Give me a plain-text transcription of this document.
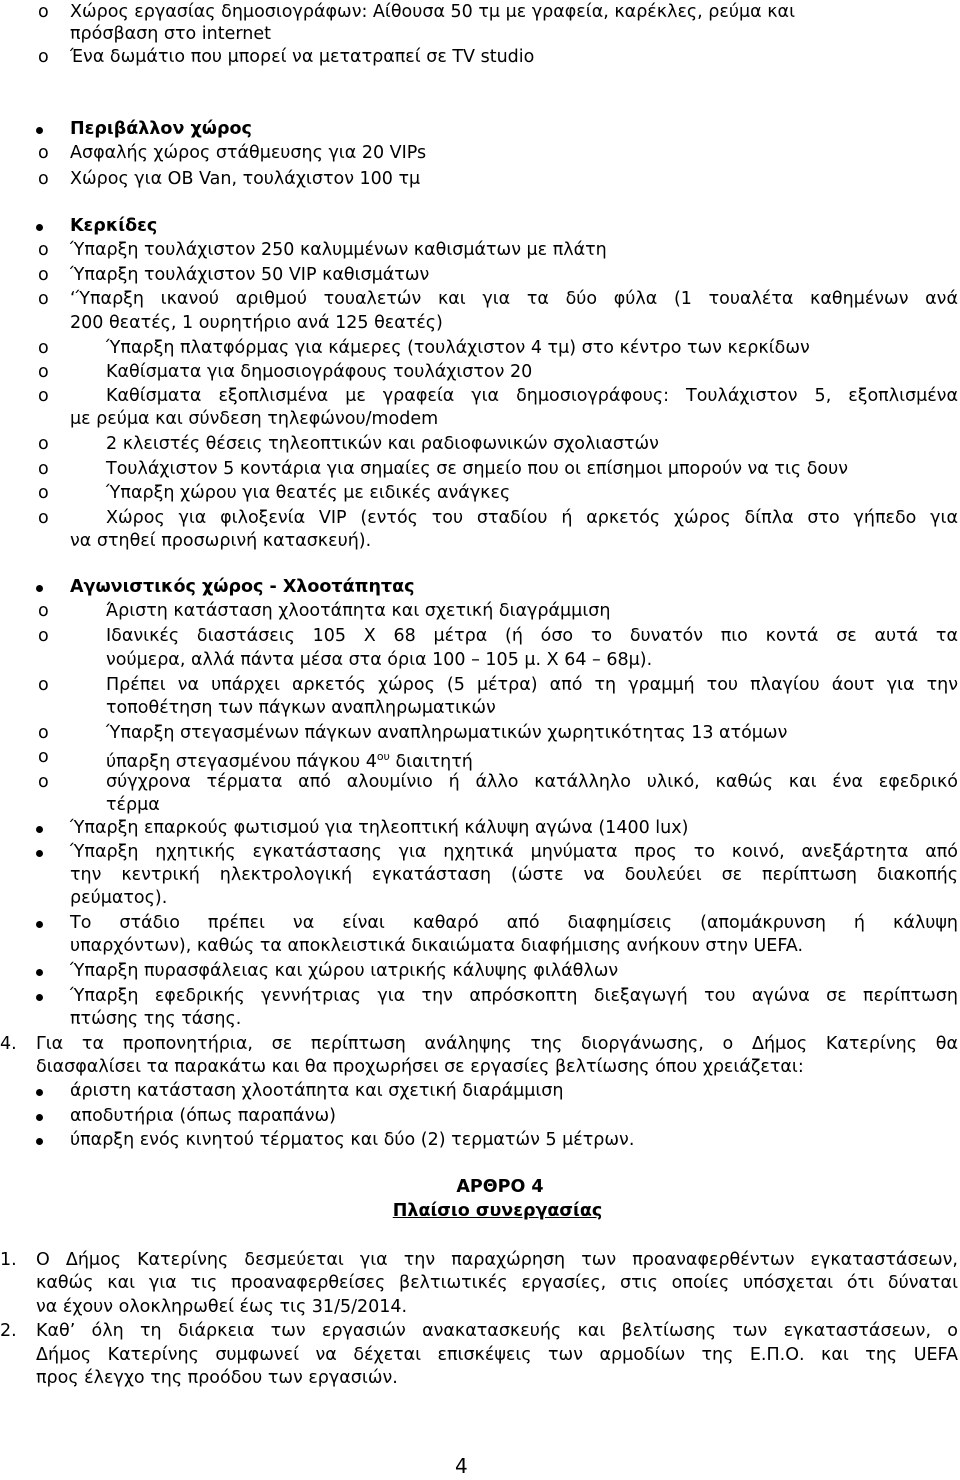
o Χώρος εργασίας δημοσιογράφων: Αίθουσα 50 τμ με γραφεία, καρέκλες, ρεύμα και
πρόσβαση στο internet
o Ένα δωμάτιο που μπορεί να μετατραπεί σε TV studio
Περιβάλλον χώρος
o Ασφαλής χώρος στάθμευσης για 20 VIPs
o Χώρος για OB Van, τουλάχιστον 100 τμ
Κερκίδες
o Ύπαρξη τουλάχιστον 250 καλυμμένων καθισμάτων με πλάτη
o Ύπαρξη τουλάχιστον 50 VIP καθισμάτων
o ‘Ύπαρξη ικανού αριθμού τουαλετών και για τα δύο φύλα (1 τουαλέτα καθημένων ανά
200 θεατές, 1 ουρητήριο ανά 125 θεατές)
o	Ύπαρξη πλατφόρμας για κάμερες (τουλάχιστον 4 τμ) στο κέντρο των κερκίδων
o	Καθίσματα για δημοσιογράφους τουλάχιστον 20
o	Καθίσματα εξοπλισμένα με γραφεία για δημοσιογράφους: Τουλάχιστον 5, εξοπλισμένα
με ρεύμα και σύνδεση τηλεφώνου/modem
o	2 κλειστές θέσεις τηλεοπτικών και ραδιοφωνικών σχολιαστών
o	Τουλάχιστον 5 κοντάρια για σημαίες σε σημείο που οι επίσημοι μπορούν να τις δουν
o	Ύπαρξη χώρου για θεατές με ειδικές ανάγκες
o	Χώρος για φιλοξενία VIP (εντός του σταδίου ή αρκετός χώρος δίπλα στο γήπεδο για
να στηθεί προσωρινή κατασκευή).
Αγωνιστικός χώρος - Χλοοτάπητας
o	Άριστη κατάσταση χλοοτάπητα και σχετική διαγράμμιση
o	Ιδανικές διαστάσεις 105 Χ 68 μέτρα (ή όσο το δυνατόν πιο κοντά σε αυτά τα
νούμερα, αλλά πάντα μέσα στα όρια 100 – 105 μ. Χ 64 – 68μ).
o	Πρέπει να υπάρχει αρκετός χώρος (5 μέτρα) από τη γραμμή του πλαγίου άουτ για την
τοποθέτηση των πάγκων αναπληρωματικών
o	Ύπαρξη στεγασμένων πάγκων αναπληρωματικών χωρητικότητας 13 ατόμων
o	ύπαρξη στεγασμένου πάγκου $4^{o\upsilon}$ διαιτητή
o	σύγχρονα τέρματα από αλουμίνιο ή άλλο κατάλληλο υλικό, καθώς και ένα εφεδρικό
τέρμα
Ύπαρξη επαρκούς φωτισμού για τηλεοπτική κάλυψη αγώνα (1400 lux)
Ύπαρξη ηχητικής εγκατάστασης για ηχητικά μηνύματα προς το κοινό, ανεξάρτητα από
την κεντρική ηλεκτρολογική εγκατάσταση (ώστε να δουλεύει σε περίπτωση διακοπής
ρεύματος).
Το στάδιο πρέπει να είναι καθαρό από διαφημίσεις (απομάκρυνση ή κάλυψη
υπαρχόντων), καθώς τα αποκλειστικά δικαιώματα διαφήμισης ανήκουν στην UEFA.
Ύπαρξη πυρασφάλειας και χώρου ιατρικής κάλυψης φιλάθλων
Ύπαρξη εφεδρικής γεννήτριας για την απρόσκοπτη διεξαγωγή του αγώνα σε περίπτωση
πτώσης της τάσης.
4. Για τα προπονητήρια, σε περίπτωση ανάληψης της διοργάνωσης, ο Δήμος Κατερίνης θα
διασφαλίσει τα παρακάτω και θα προχωρήσει σε εργασίες βελτίωσης όπου χρειάζεται:
άριστη κατάσταση χλοοτάπητα και σχετική διαράμμιση
αποδυτήρια (όπως παραπάνω)
ύπαρξη ενός κινητού τέρματος και δύο (2) τερματών 5 μέτρων.
ΑΡΘΡΟ 4
Πλαίσιο συνεργασίας
1. Ο Δήμος Κατερίνης δεσμεύεται για την παραχώρηση των προαναφερθέντων εγκαταστάσεων,
καθώς και για τις προαναφερθείσες βελτιωτικές εργασίες, στις οποίες υπόσχεται ότι δύναται
να έχουν ολοκληρωθεί έως τις 31/5/2014.
2. Καθ’ όλη τη διάρκεια των εργασιών ανακατασκευής και βελτίωσης των εγκαταστάσεων, ο
Δήμος Κατερίνης συμφωνεί να δέχεται επισκέψεις των αρμοδίων της Ε.Π.Ο. και της UEFA
προς έλεγχο της προόδου των εργασιών.
4
